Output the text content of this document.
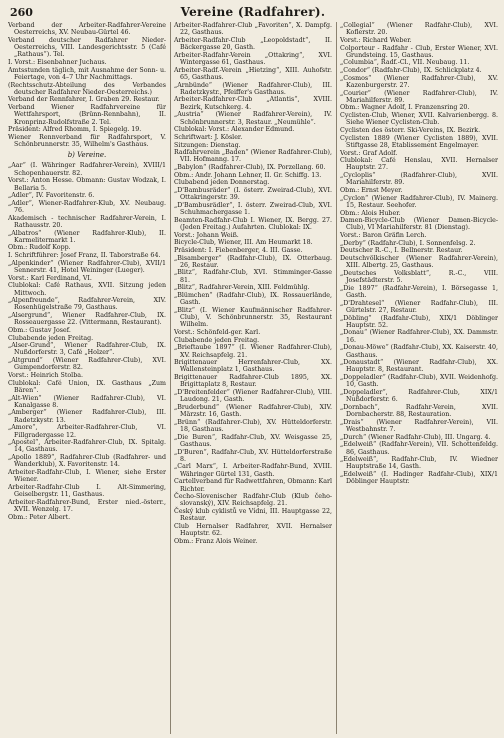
260	Vereine (Radfahrer).

Verband der Arbeiter-Radfahrer-Vereine Oesterreichs, XV. Neubau-Gürtel 46.

Verband deutscher Radfahrer Nieder-Oesterreichs, VIII. Landesgerichtsstr. 5 (Café „Rathaus“). Tel.

I. Vorst.: Eisenbahner Juchaus.

Amtsstunden täglich, mit Ausnahme der Sonn- u. Feiertage, von 4–7 Uhr Nachmittags.

(Rechtsschutz-Abteilung des Verbandes deutscher Radfahrer Nieder-Oesterreichs.)

Verband der Rennfahrer, I. Graben 29. Restaur.

Verband Wiener Radfahrvereine für Wettfahrsport, (Brünn-Rennbahn), II. Kronprinz-Rudolfstraße 2. Tel.

Präsident: Alfred Rhomm, I. Spiegelg. 19.

Wiener Rennverband für Radfahrsport, V. Schönbrunnerstr. 35, Wilhelm's Gasthaus.

b) Vereine.

„Aar“ (I. Währinger Radfahrer-Verein), XVIII/1 Schopenhauerstr. 82.

Vorst.: Anton Hesse. Obmann: Gustav Wodzak, I. Bellaria 5.

„Adler“, IV. Favoritenstr. 6.

„Adler“, Wiener-Radfahrer-Klub, XV. Neubaug. 76.

Akademisch - technischer Radfahrer-Verein, I. Rathausstr. 20.

„Albatros“ (Wiener Radfahrer-Klub), II. Karmelitermarkt 1.

Obm.: Rudolf Kopp.

I. Schriftführer: Josef Franz, II. Taborstraße 64.

„Alpenkinder“ (Wiener Radfahrer-Club), XVII/1 Sennerstr. 41, Hotel Weininger (Lueger).

Vorst.: Karl Ferdinand, VI.

Clublokal: Café Rathaus, XVII. Sitzung jeden Mittwoch.

„Alpenfreunde“, Radfahrer-Verein, XIV. Rosenhügelstraße 79, Gasthaus.

„Alsergrund“, Wiener Radfahrer-Club, IX. Rosseauergasse 22. (Vittermann, Restaurant).

Obm.: Gustav Josef.

Clubabende jeden Freitag.

„Alser-Grund“, Wiener Radfahrer-Club, IX. Nußdorferstr. 3, Café „Holzer“.

„Altgrund“ (Wiener Radfahrer-Club), XVI. Gumpendorferstr. 82.

Vorst.: Heinrich Stolba.

Clublokal: Café Union, IX. Gasthaus „Zum Bären“.

„Alt-Wien“ (Wiener Radfahrer-Club), VI. Kanalgasse 8.

„Amberger“ (Wiener Radfahrer-Club), III. Radetzkystr. 13.

„Amore“, Arbeiter-Radfahrer-Club, VI. Fillgradergasse 12.

„Apostel“, Arbeiter-Radfahrer-Club, IX. Spitalg. 14, Gasthaus.

„Apollo 1889“, Radfahrer-Club (Radfahrer- und Wanderklub), X. Favoritenstr. 14.

Arbeiter-Radfahr-Club, I. Wiener, siehe Erster Wiener.

Arbeiter-Radfahr-Club I. Alt-Simmering, Geiselbergstr. 11, Gasthaus.

Arbeiter-Radfahrer-Bund, Erster nied.-österr., XVII. Wenzelg. 17.

Obm.: Peter Albert.

Arbeiter-Radfahrer-Club „Favoriten“, X. Dampfg. 22, Gasthaus.

Arbeiter-Radfahr-Club „Leopoldstadt“, II. Bäckergasse 20, Gasth.

Arbeiter-Radfahr-Verein „Ottakring“, XVI. Wintergasse 61, Gasthaus.

Arbeiter-Radf.-Verein „Hietzing“, XIII. Auhofstr. 65, Gasthaus.

„Arnbünde“ (Wiener Radfahrer-Club), III. Radetzkystr., Pfeiffer's Gasthaus.

Arbeiter-Radfahrer-Club „Atlantis“, XVIII. Bezirk, Kutschkerg. 4.

„Austria“ (Wiener Radfahrer-Verein), IV. Schönbrunnerstr. 3, Restaur. „Neumühle“.

Clublokal: Vorst.: Alexander Edmund.

Schriftwart: J. Kösler.

Sitzungen: Dienstag.

Radfahrverein „Baden“ (Wiener Radfahrer-Club), VII. Hofmanng. 17.

„Babylon“ (Radfahrer-Club), IX. Porzellang. 60.

Obm.: Andr. Johann Lehner, II. Gr. Schiffg. 13.

Clubabend jeden Donnerstag.

„D'Bambusräder“ (I. österr. Zweirad-Club), XVI. Ottakringerstr. 39.

„D'Bambusrädler“, I. österr. Zweirad-Club, XVI. Schuhmachergasse 1.

Beamten-Radfahr-Club I. Wiener, IX. Bergg. 27. (Jeden Freitag.) Aufahrten. Clublokal: IX.

Vorst.: Johann Weiß.

Bicycle-Club, Wiener, III. Am Heumarkt 18.

Präsident: I. Fiebenberger, 4. III. Gasse.

„Bisamberger“ (Radfahr-Club), IX. Otterbaug. 26, Restaur.

„Blitz“, Radfahr-Club, XVI. Stimminger-Gasse 81.

„Blitz“, Radfahrer-Verein, XIII. Feldmühlg.

„Blümchen“ (Radfahr-Club), IX. Rossauerlände, Gasth.

„Blitz“ (I. Wiener Kaufmännischer Radfahrer-Club), V. Schönbrunnerstr. 35, Restaurant Wilhelm.

Vorst.: Schönfeld-ger. Karl.

Clubabende jeden Freitag.

„Brieftaube 1897“ (I. Wiener Radfahrer-Club), XV. Reichsapfelg. 21.

Brigittenauer Herrenfahrer-Club, XX. Wallensteinplatz 1, Gasthaus.

Brigittenauer Radfahrer-Club 1895, XX. Brigittaplatz 8, Restaur.

„D'Breitenfelder“ (Wiener Radfahrer-Club), VIII. Laudong. 21, Gasth.

„Bruderbund“ (Wiener Radfahrer-Club), XIV. Märzstr. 16, Gasth.

„Brünn“ (Radfahrer-Club), XV. Hütteldorferstr. 18, Gasthaus.

„Die Buren“, Radfahr-Club, XV. Weisgasse 25, Gasthaus.

„D'Buren“, Radfahr-Club, XV. Hütteldorferstraße 8.

„Carl Marx“, I. Arbeiter-Radfahr-Bund, XVIII. Währinger Gürtel 131, Gasth.

Cartellverband für Radwettfahren, Obmann: Karl Richter.

Čecho-Slovenischer Radfahr-Club (Klub čeho-slovanský), XIV. Reichsapfelg. 21.

Český klub cyklistů ve Vídni, III. Hauptgasse 22, Restaur.

Club Hernalser Radfahrer, XVII. Hernalser Hauptstr. 62.

Obm.: Franz Alois Weiner.

„Collegial“ (Wiener Radfahr-Club), XVI. Koflerstr. 20.

Vorst.: Richard Weber.

Colporteur - Radfahr - Club, Erster Wiener, XVI. Grundsteing. 15, Gasthaus.

„Columbia“, Radf.-Cl., VII. Neubaug. 11.

„Condor“ (Radfahr-Club), IX. Schlickplatz 4.

„Cosmos“ (Wiener Radfahrer-Club), XV. Kazenburgerstr. 27.

„Courier“ (Wiener Radfahrer-Club), IV. Mariahilferstr. 89.

Obm.: Wagner Adolf, I. Franzensring 20.

Cyclisten-Club, Wiener, XVII. Kalvarienbergg. 8. Siehe Wiener Cyclisten-Club.

Cyclisten des österr. Ski-Vereins, IX. Bezirk.

Cyclisten 1889 (Wiener Cyclisten 1889), XVII. Stiftgasse 28, Etablissement Engelmayer.

Vorst.: Graf Adolf.

Clublokal: Café Henslau, XVII. Hernalser Hauptstr. 27.

„Cycloplis“ (Radfahrer-Club), XVII. Mariahilferstr. 89.

Obm.: Ernst Meyer.

„Cyclon“ (Wiener Radfahrer-Club), IV. Mainerg. 15, Restaur. Seehofer.

Obm.: Alois Huber.

Damen-Bicycle-Club (Wiener Damen-Bicycle-Club), VI Mariahilferstr. 81 (Dienstag).

Vorst.: Baron Gräfin Lerch.

„Derby“ (Radfahr-Club), I. Sonnenfelsg. 2.

Deutscher R.-C., I. Bellnerstr. Restaur.

Deutschvölkischer (Wiener Radfahrer-Verein), XIII. Albertg. 25, Gasthaus.

„Deutsches Volksblatt“, R.-C., VIII. Josefstädterstr. 5.

„Die 1897“ (Radfahr-Verein), I. Börsegasse 1, Gasth.

„D'Drahtesel“ (Wiener Radfahr-Club), III. Gürtelstr. 27, Restaur.

„Döbling“ (Radfahr-Club), XIX/1 Döblinger Hauptstr. 52.

„Donau“ (Wiener Radfahrer-Club), XX. Dammstr. 16.

„Donau-Möwe“ (Radfahr-Club), XX. Kaiserstr. 40, Gasthaus.

„Donaustadt“ (Wiener Radfahr-Club), XX. Hauptstr. 8, Restaurant.

„Doppeladler“ (Radfahr-Club), XVII. Weidenhofg. 10, Gasth.

„Doppeladler“, Radfahrer-Club, XIX/1 Nußdorferstr. 6.

„Dornbach“, Radfahr-Verein, XVII. Dornbacherstr. 88, Restauration.

„Drais“ (Wiener Radfahrer-Verein), VII. Westbahnstr. 7.

„Durch“ (Wiener Radfahr-Club), III. Ungarg. 4.

„Edelweiß“ (Radfahr-Verein), VII. Schottenfeldg. 86, Gasthaus.

„Edelweiß“, Radfahr-Club, IV. Wiedner Hauptstraße 14, Gasth.

„Edelweiß“ (I. Hadinger Radfahr-Club), XIX/1 Döblinger Hauptstr.
